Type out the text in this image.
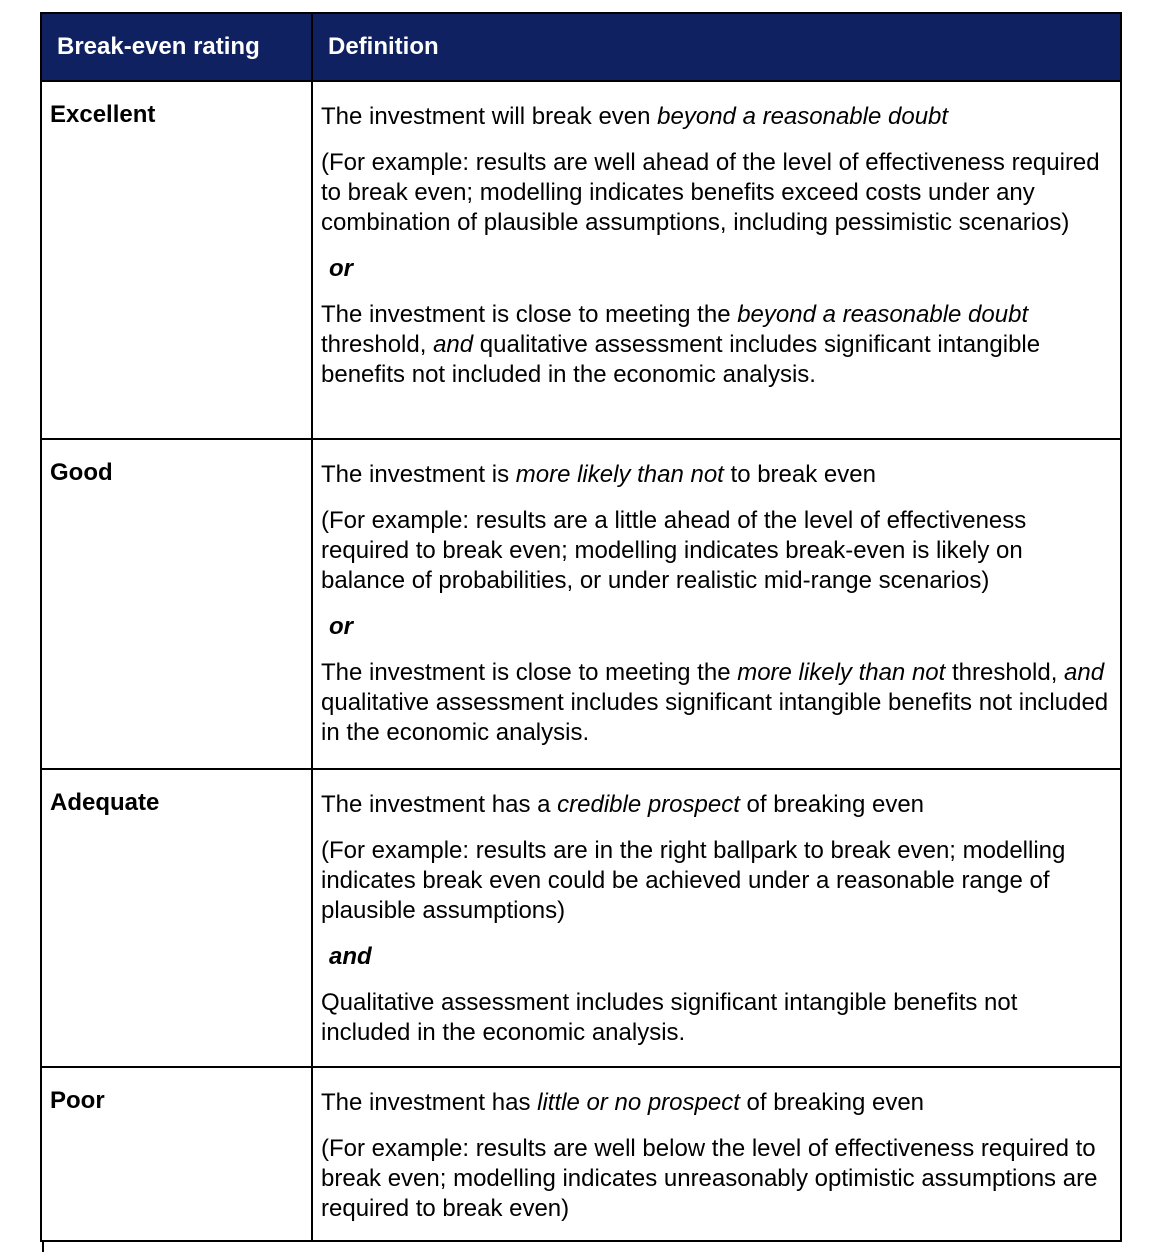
Break-even rating	Definition
Excellent	The investment will break even beyond a reasonable doubt

(For example: results are well ahead of the level of effectiveness required to break even; modelling indicates benefits exceed costs under any combination of plausible assumptions, including pessimistic scenarios)

or

The investment is close to meeting the beyond a reasonable doubt threshold, and qualitative assessment includes significant intangible benefits not included in the economic analysis.

Good	The investment is more likely than not to break even

(For example: results are a little ahead of the level of effectiveness required to break even; modelling indicates break-even is likely on balance of probabilities, or under realistic mid-range scenarios)

or

The investment is close to meeting the more likely than not threshold, and qualitative assessment includes significant intangible benefits not included in the economic analysis.

Adequate	The investment has a credible prospect of breaking even

(For example: results are in the right ballpark to break even; modelling indicates break even could be achieved under a reasonable range of plausible assumptions)

and

Qualitative assessment includes significant intangible benefits not included in the economic analysis.

Poor	The investment has little or no prospect of breaking even

(For example: results are well below the level of effectiveness required to break even; modelling indicates unreasonably optimistic assumptions are required to break even)
